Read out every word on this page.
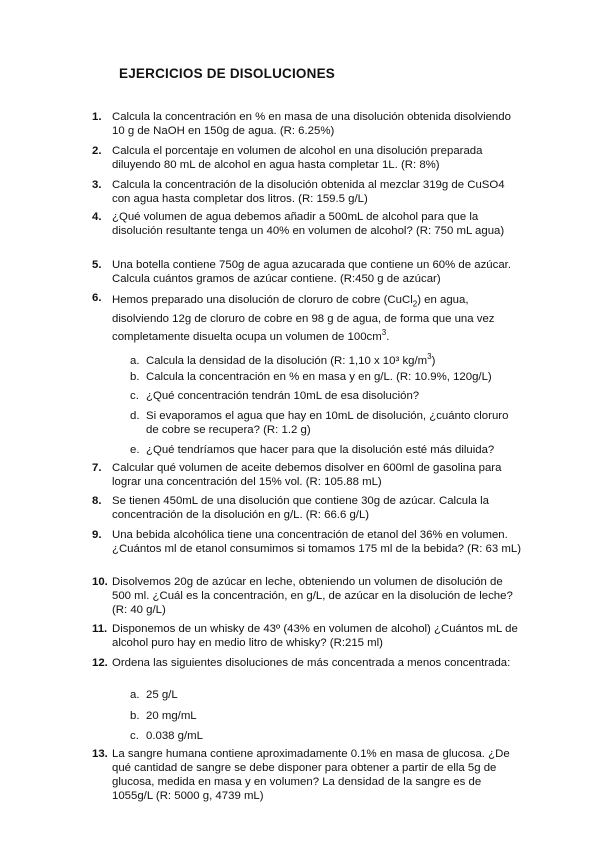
EJERCICIOS DE DISOLUCIONES
1. Calcula la concentración en % en masa de una disolución obtenida disolviendo 10 g de NaOH en 150g de agua. (R: 6.25%)
2. Calcula el porcentaje en volumen de alcohol en una disolución preparada diluyendo 80 mL de alcohol en agua hasta completar 1L. (R: 8%)
3. Calcula la concentración de la disolución obtenida al mezclar 319g de CuSO4 con agua hasta completar dos litros. (R: 159.5 g/L)
4. ¿Qué volumen de agua debemos añadir a 500mL de alcohol para que la disolución resultante tenga un 40% en volumen de alcohol? (R: 750 mL agua)
5. Una botella contiene 750g de agua azucarada que contiene un 60% de azúcar. Calcula cuántos gramos de azúcar contiene. (R:450 g de azúcar)
6. Hemos preparado una disolución de cloruro de cobre (CuCl$_2$) en agua, disolviendo 12g de cloruro de cobre en 98 g de agua, de forma que una vez completamente disuelta ocupa un volumen de $100cm^3$.
a. Calcula la densidad de la disolución (R: 1,10 x 10³ $kg/m^3$)
b. Calcula la concentración en % en masa y en g/L. (R: 10.9%, 120g/L)
c. ¿Qué concentración tendrán 10mL de esa disolución?
d. Si evaporamos el agua que hay en 10mL de disolución, ¿cuánto cloruro de cobre se recupera? (R: 1.2 g)
e. ¿Qué tendríamos que hacer para que la disolución esté más diluida?
7. Calcular qué volumen de aceite debemos disolver en 600ml de gasolina para lograr una concentración del 15% vol. (R: 105.88 mL)
8. Se tienen 450mL de una disolución que contiene 30g de azúcar. Calcula la concentración de la disolución en g/L. (R: 66.6 g/L)
9. Una bebida alcohólica tiene una concentración de etanol del 36% en volumen. ¿Cuántos ml de etanol consumimos si tomamos 175 ml de la bebida? (R: 63 mL)
10. Disolvemos 20g de azúcar en leche, obteniendo un volumen de disolución de 500 ml. ¿Cuál es la concentración, en g/L, de azúcar en la disolución de leche? (R: 40 g/L)
11. Disponemos de un whisky de 43º (43% en volumen de alcohol) ¿Cuántos mL de alcohol puro hay en medio litro de whisky? (R:215 ml)
12. Ordena las siguientes disoluciones de más concentrada a menos concentrada:
a. 25 g/L
b. 20 mg/mL
c. 0.038 g/mL
13. La sangre humana contiene aproximadamente 0.1% en masa de glucosa. ¿De qué cantidad de sangre se debe disponer para obtener a partir de ella 5g de glucosa, medida en masa y en volumen? La densidad de la sangre es de 1055g/L (R: 5000 g, 4739 mL)
